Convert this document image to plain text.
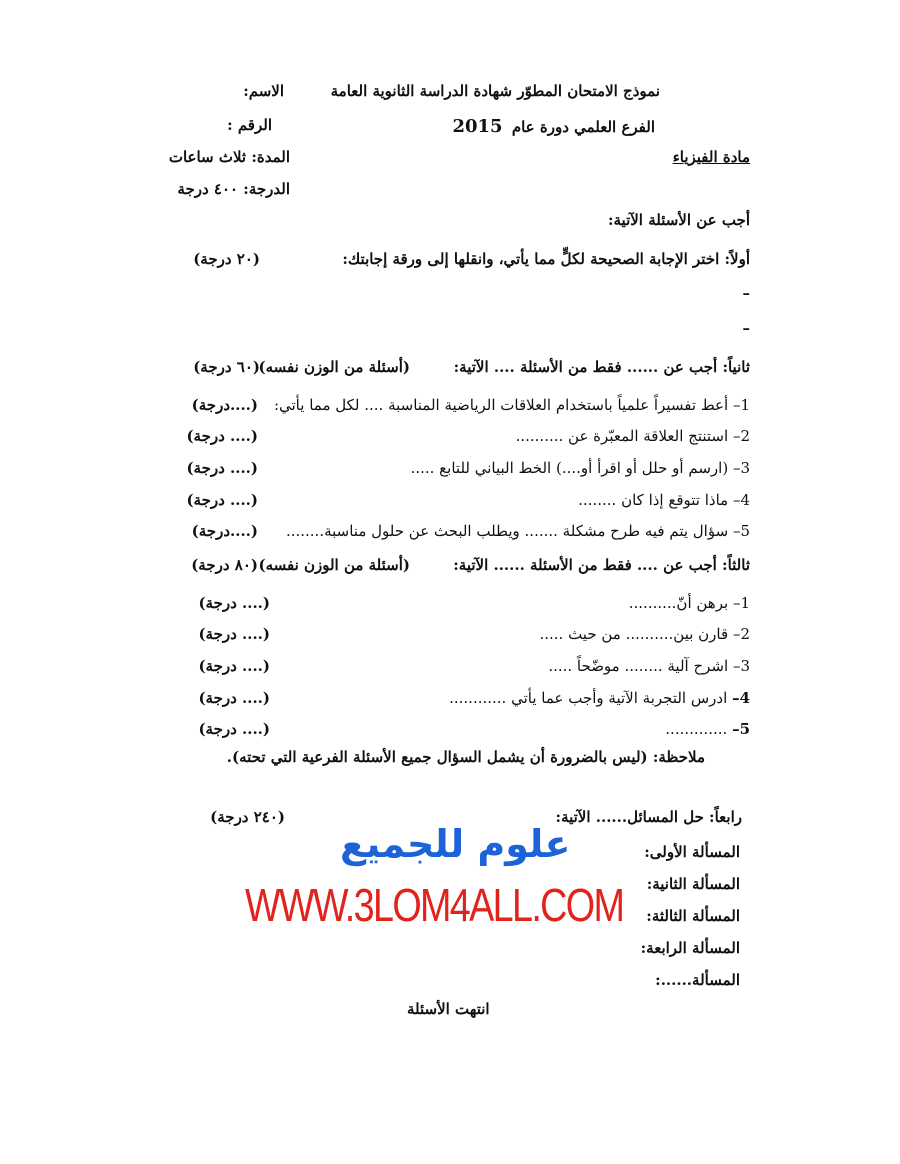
نموذج الامتحان المطوّر شهادة الدراسة الثانوية العامة
الاسم:
الفرع العلمي دورة عام 2015
الرقم :
مادة الفيزياء
المدة: ثلاث ساعات
الدرجة: ٤٠٠ درجة
أجب عن الأسئلة الآتية:
أولاً: اختر الإجابة الصحيحة لكلٍّ مما يأتي، وانقلها إلى ورقة إجابتك:
(٢٠ درجة)
–
–
ثانياً: أجب عن ...... فقط من الأسئلة .... الآتية:
(أسئلة من الوزن نفسه)
(٦٠ درجة)
1– أعط تفسيراً علمياً باستخدام العلاقات الرياضية المناسبة .... لكل مما يأتي:
(....درجة)
2– استنتج العلاقة المعبّرة عن ..........
(.... درجة)
3– (ارسم أو حلل أو اقرأ أو....) الخط البياني للتابع .....
(.... درجة)
4– ماذا تتوقع إذا كان ........
(.... درجة)
5– سؤال يتم فيه طرح مشكلة ....... ويطلب البحث عن حلول مناسبة........
(....درجة)
ثالثاً: أجب عن .... فقط من الأسئلة ...... الآتية:
(أسئلة من الوزن نفسه)
(٨٠ درجة)
1– برهن أنّ..........
(.... درجة)
2– قارن بين.......... من حيث .....
(.... درجة)
3– اشرح آلية ........ موضّحاً .....
(.... درجة)
4– ادرس التجربة الآتية وأجب عما يأتي ............
(.... درجة)
5– .............
(.... درجة)
ملاحظة: (ليس بالضرورة أن يشمل السؤال جميع الأسئلة الفرعية التي تحته).
رابعاً: حل المسائل...... الآتية:
(٢٤٠ درجة)
المسألة الأولى:
المسألة الثانية:
المسألة الثالثة:
المسألة الرابعة:
المسألة......:
علوم للجميع
WWW.3LOM4ALL.COM
انتهت الأسئلة
